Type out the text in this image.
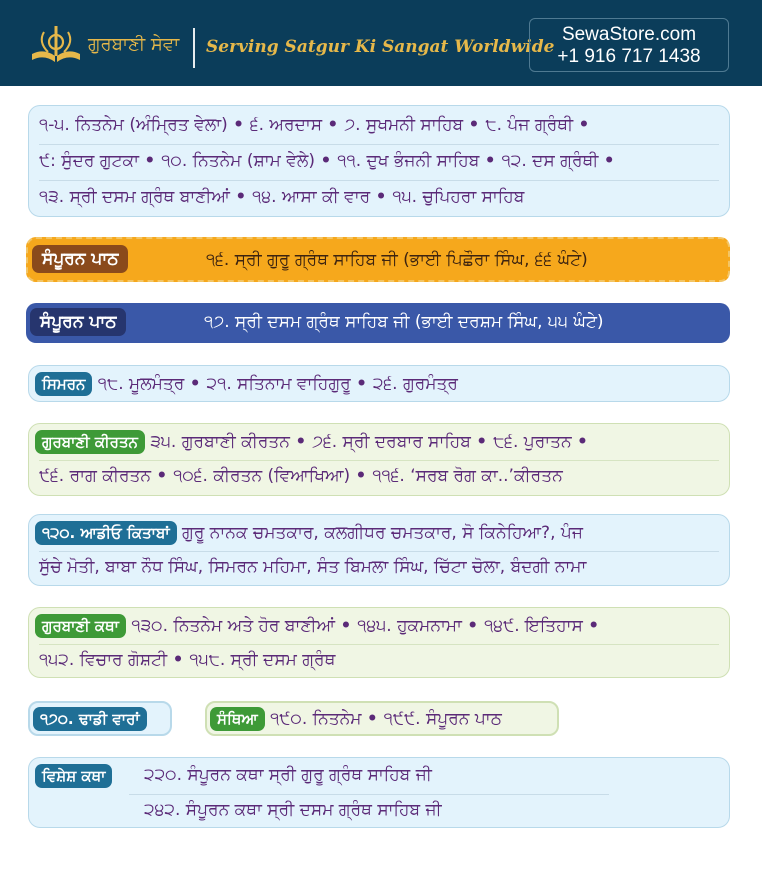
ਗੁਰਬਾਣੀ ਸੇਵਾ Serving Satgur Ki Sangat Worldwide
SewaStore.com
+1 916 717 1438
੧-੫. ਨਿਤਨੇਮ (ਅੰਮ੍ਰਿਤ ਵੇਲਾ) • ੬. ਅਰਦਾਸ • ੭. ਸੁਖਮਨੀ ਸਾਹਿਬ • ੮. ਪੰਜ ਗ੍ਰੰਥੀ •
੯: ਸੁੰਦਰ ਗੁਟਕਾ • ੧੦. ਨਿਤਨੇਮ (ਸ਼ਾਮ ਵੇਲੇ) • ੧੧. ਦੁਖ ਭੰਜਨੀ ਸਾਹਿਬ • ੧੨. ਦਸ ਗ੍ਰੰਥੀ •
੧੩. ਸ੍ਰੀ ਦਸਮ ਗ੍ਰੰਥ ਬਾਣੀਆਂ • ੧੪. ਆਸਾ ਕੀ ਵਾਰ • ੧੫. ਚੁਪਿਹਰਾ ਸਾਹਿਬ
ਸੰਪੂਰਨ ਪਾਠ	੧੬. ਸ੍ਰੀ ਗੁਰੂ ਗ੍ਰੰਥ ਸਾਹਿਬ ਜੀ (ਭਾਈ ਪਿਛੌਰਾ ਸਿੰਘ, ੬੬ ਘੰਟੇ)
ਸੰਪੂਰਨ ਪਾਠ	੧੭. ਸ੍ਰੀ ਦਸਮ ਗ੍ਰੰਥ ਸਾਹਿਬ ਜੀ (ਭਾਈ ਦਰਸ਼ਮ ਸਿੰਘ, ੫੫ ਘੰਟੇ)
ਸਿਮਰਨ ੧੮. ਮੂਲਮੰਤ੍ਰ • ੨੧. ਸਤਿਨਾਮ ਵਾਹਿਗੁਰੂ • ੨੬. ਗੁਰਮੰਤ੍ਰ
ਗੁਰਬਾਣੀ ਕੀਰਤਨ ੩੫. ਗੁਰਬਾਣੀ ਕੀਰਤਨ • ੭੬. ਸ੍ਰੀ ਦਰਬਾਰ ਸਾਹਿਬ • ੮੬. ਪੁਰਾਤਨ •
੯੬. ਰਾਗ ਕੀਰਤਨ • ੧੦੬. ਕੀਰਤਨ (ਵਿਆਖਿਆ) • ੧੧੬. ‘ਸਰਬ ਰੋਗ ਕਾ..’ਕੀਰਤਨ
੧੨੦. ਆਡੀਓ ਕਿਤਾਬਾਂ ਗੁਰੂ ਨਾਨਕ ਚਮਤਕਾਰ, ਕਲਗੀਧਰ ਚਮਤਕਾਰ, ਸੋ ਕਿਨੇਹਿਆ?, ਪੰਜ
ਸੁੱਚੇ ਮੋਤੀ, ਬਾਬਾ ਨੌਧ ਸਿੰਘ, ਸਿਮਰਨ ਮਹਿਮਾ, ਸੰਤ ਬਿਮਲਾ ਸਿੰਘ, ਚਿੱਟਾ ਚੋਲਾ, ਬੰਦਗੀ ਨਾਮਾ
ਗੁਰਬਾਣੀ ਕਥਾ ੧੩੦. ਨਿਤਨੇਮ ਅਤੇ ਹੋਰ ਬਾਣੀਆਂ • ੧੪੫. ਹੁਕਮਨਾਮਾ • ੧੪੯. ਇਤਿਹਾਸ •
੧੫੨. ਵਿਚਾਰ ਗੋਸ਼ਟੀ • ੧੫੮. ਸ੍ਰੀ ਦਸਮ ਗ੍ਰੰਥ
੧੭੦. ਢਾਡੀ ਵਾਰਾਂ	ਸੰਥਿਆ ੧੯੦. ਨਿਤਨੇਮ • ੧੯੯. ਸੰਪੂਰਨ ਪਾਠ
ਵਿਸ਼ੇਸ਼ ਕਥਾ	੨੨੦. ਸੰਪੂਰਨ ਕਥਾ ਸ੍ਰੀ ਗੁਰੂ ਗ੍ਰੰਥ ਸਾਹਿਬ ਜੀ
੨੪੨. ਸੰਪੂਰਨ ਕਥਾ ਸ੍ਰੀ ਦਸਮ ਗ੍ਰੰਥ ਸਾਹਿਬ ਜੀ
